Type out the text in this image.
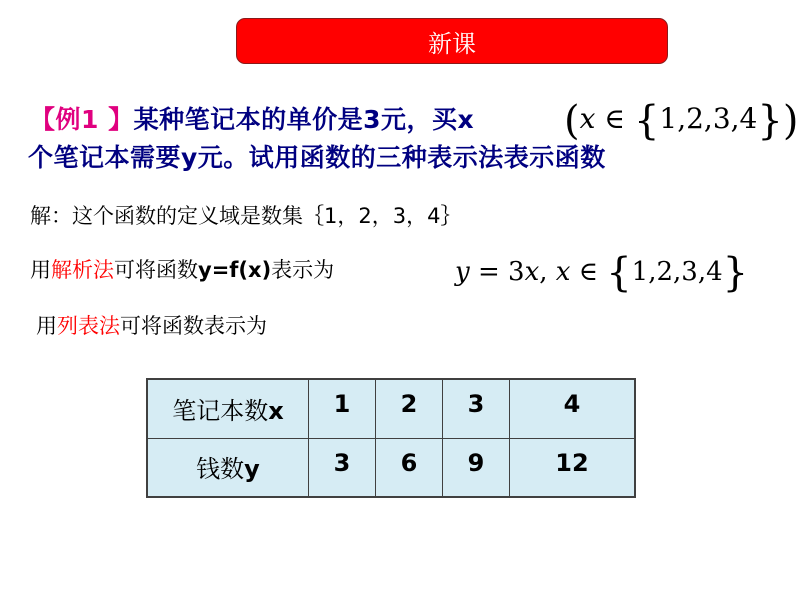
新课
【例1 】某种笔记本的单价是3元，买x (x ∈ {1,2,3,4})
个笔记本需要y元。试用函数的三种表示法表示函数
解：这个函数的定义域是数集｛1，2，3，4｝
用解析法可将函数y=f(x)表示为	y = 3x, x ∈ {1,2,3,4}
用列表法可将函数表示为
笔记本数x	1	2	3	4
钱数y	3	6	9	12
